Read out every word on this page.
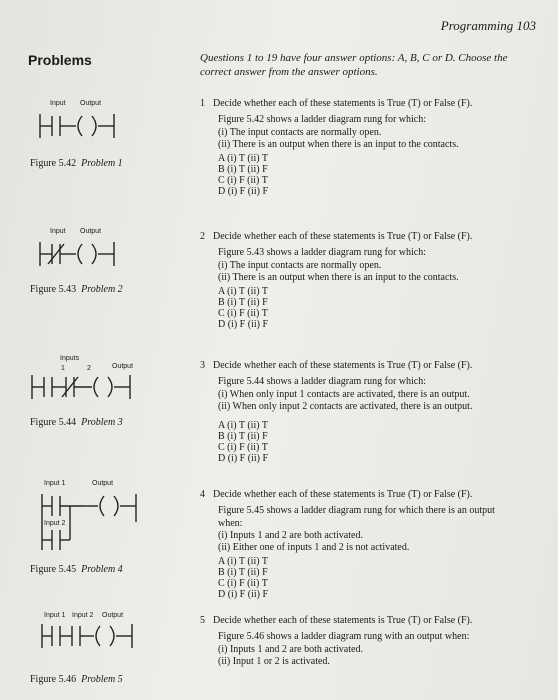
Programming 103
Problems	Questions 1 to 19 have four answer options: A, B, C or D. Choose the correct answer from the answer options.
Input Output
Figure 5.42 Problem 1
Input Output
Figure 5.43 Problem 2
Inputs
1	2	Output
Figure 5.44 Problem 3
Input 1	Output
Input 2
Figure 5.45 Problem 4
Input 1 Input 2 Output
Figure 5.46 Problem 5
1 Decide whether each of these statements is True (T) or False (F).
Figure 5.42 shows a ladder diagram rung for which:
(i) The input contacts are normally open.
(ii) There is an output when there is an input to the contacts.
A (i) T (ii) T
B (i) T (ii) F
C (i) F (ii) T
D (i) F (ii) F
2 Decide whether each of these statements is True (T) or False (F).
Figure 5.43 shows a ladder diagram rung for which:
(i) The input contacts are normally open.
(ii) There is an output when there is an input to the contacts.
A (i) T (ii) T
B (i) T (ii) F
C (i) F (ii) T
D (i) F (ii) F
3 Decide whether each of these statements is True (T) or False (F).
Figure 5.44 shows a ladder diagram rung for which:
(i) When only input 1 contacts are activated, there is an output.
(ii) When only input 2 contacts are activated, there is an output.
A (i) T (ii) T
B (i) T (ii) F
C (i) F (ii) T
D (i) F (ii) F
4 Decide whether each of these statements is True (T) or False (F).
Figure 5.45 shows a ladder diagram rung for which there is an output when:
(i) Inputs 1 and 2 are both activated.
(ii) Either one of inputs 1 and 2 is not activated.
A (i) T (ii) T
B (i) T (ii) F
C (i) F (ii) T
D (i) F (ii) F
5 Decide whether each of these statements is True (T) or False (F).
Figure 5.46 shows a ladder diagram rung with an output when:
(i) Inputs 1 and 2 are both activated.
(ii) Input 1 or 2 is activated.
